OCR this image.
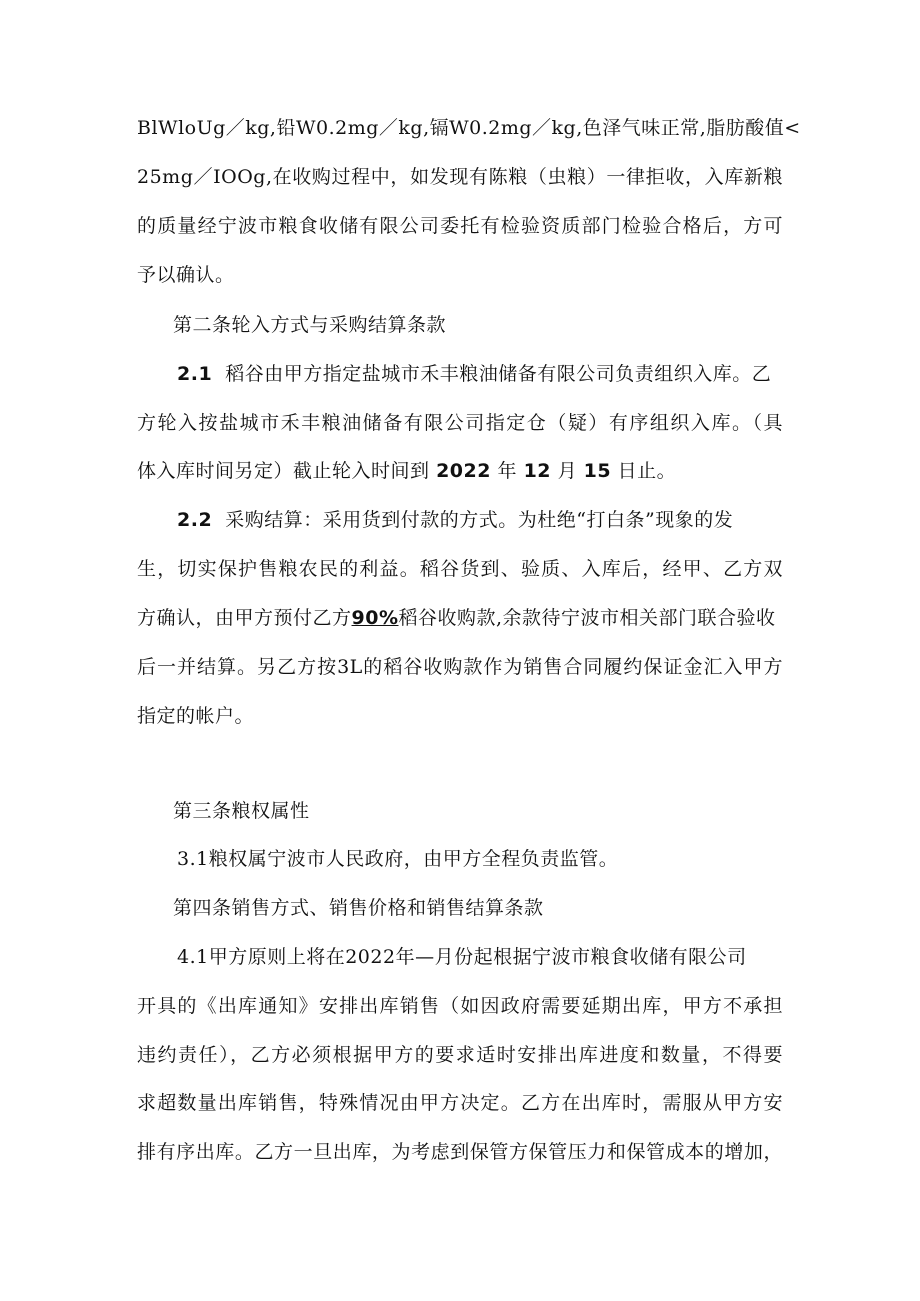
BlWloUg／kg,铅W0.2mg／kg,镉W0.2mg／kg,色泽气味正常,脂肪酸值<
25mg／IOOg,在收购过程中，如发现有陈粮（虫粮）一律拒收，入库新粮
的质量经宁波市粮食收储有限公司委托有检验资质部门检验合格后，方可
予以确认。
第二条轮入方式与采购结算条款
2.1 稻谷由甲方指定盐城市禾丰粮油储备有限公司负责组织入库。乙
方轮入按盐城市禾丰粮油储备有限公司指定仓（疑）有序组织入库。（具
体入库时间另定）截止轮入时间到 2022 年 12 月 15 日止。
2.2 采购结算：采用货到付款的方式。为杜绝“打白条”现象的发
生，切实保护售粮农民的利益。稻谷货到、验质、入库后，经甲、乙方双
方确认，由甲方预付乙方90%稻谷收购款,余款待宁波市相关部门联合验收
后一并结算。另乙方按3L的稻谷收购款作为销售合同履约保证金汇入甲方
指定的帐户。
第三条粮权属性
3.1粮权属宁波市人民政府，由甲方全程负责监管。
第四条销售方式、销售价格和销售结算条款
4.1甲方原则上将在2022年—月份起根据宁波市粮食收储有限公司
开具的《出库通知》安排出库销售（如因政府需要延期出库，甲方不承担
违约责任），乙方必须根据甲方的要求适时安排出库进度和数量，不得要
求超数量出库销售，特殊情况由甲方决定。乙方在出库时，需服从甲方安
排有序出库。乙方一旦出库，为考虑到保管方保管压力和保管成本的增加，
